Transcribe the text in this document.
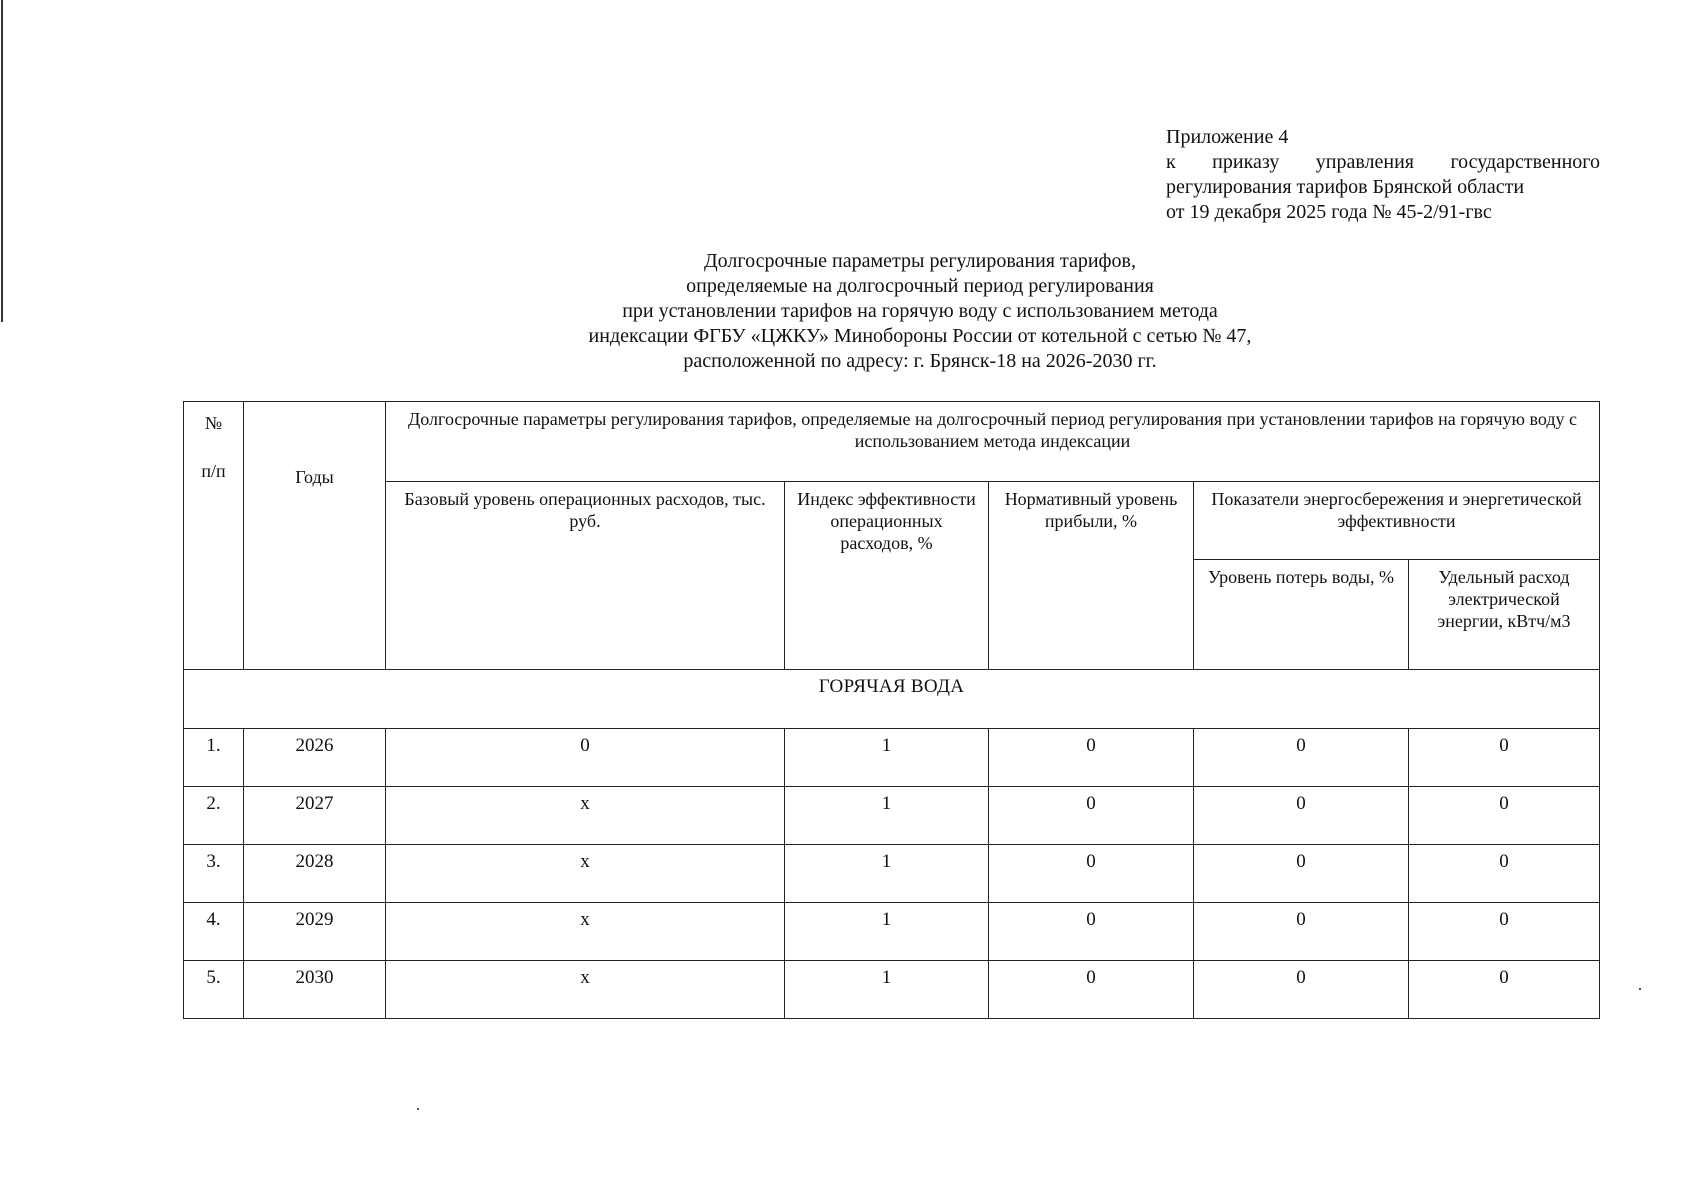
Приложение 4
к приказу управления государственного
регулирования тарифов Брянской области
от 19 декабря 2025 года № 45-2/91-гвс
Долгосрочные параметры регулирования тарифов,
определяемые на долгосрочный период регулирования
при установлении тарифов на горячую воду с использованием метода
индексации ФГБУ «ЦЖКУ» Минобороны России от котельной с сетью № 47,
расположенной по адресу: г. Брянск-18 на 2026-2030 гг.
№
п/п	Годы	Долгосрочные параметры регулирования тарифов, определяемые на долгосрочный период регулирования при установлении тарифов на горячую воду с использованием метода индексации				
		Базовый уровень операционных расходов, тыс. руб.	Индекс эффективности операционных расходов, %	Нормативный уровень прибыли, %	Показатели энергосбережения и энергетической эффективности	
					Уровень потерь воды, %	Удельный расход электрической энергии, кВтч/м3
ГОРЯЧАЯ ВОДА						
1.	2026	0	1	0	0	0
2.	2027	x	1	0	0	0
3.	2028	x	1	0	0	0
4.	2029	x	1	0	0	0
5.	2030	x	1	0	0	0
